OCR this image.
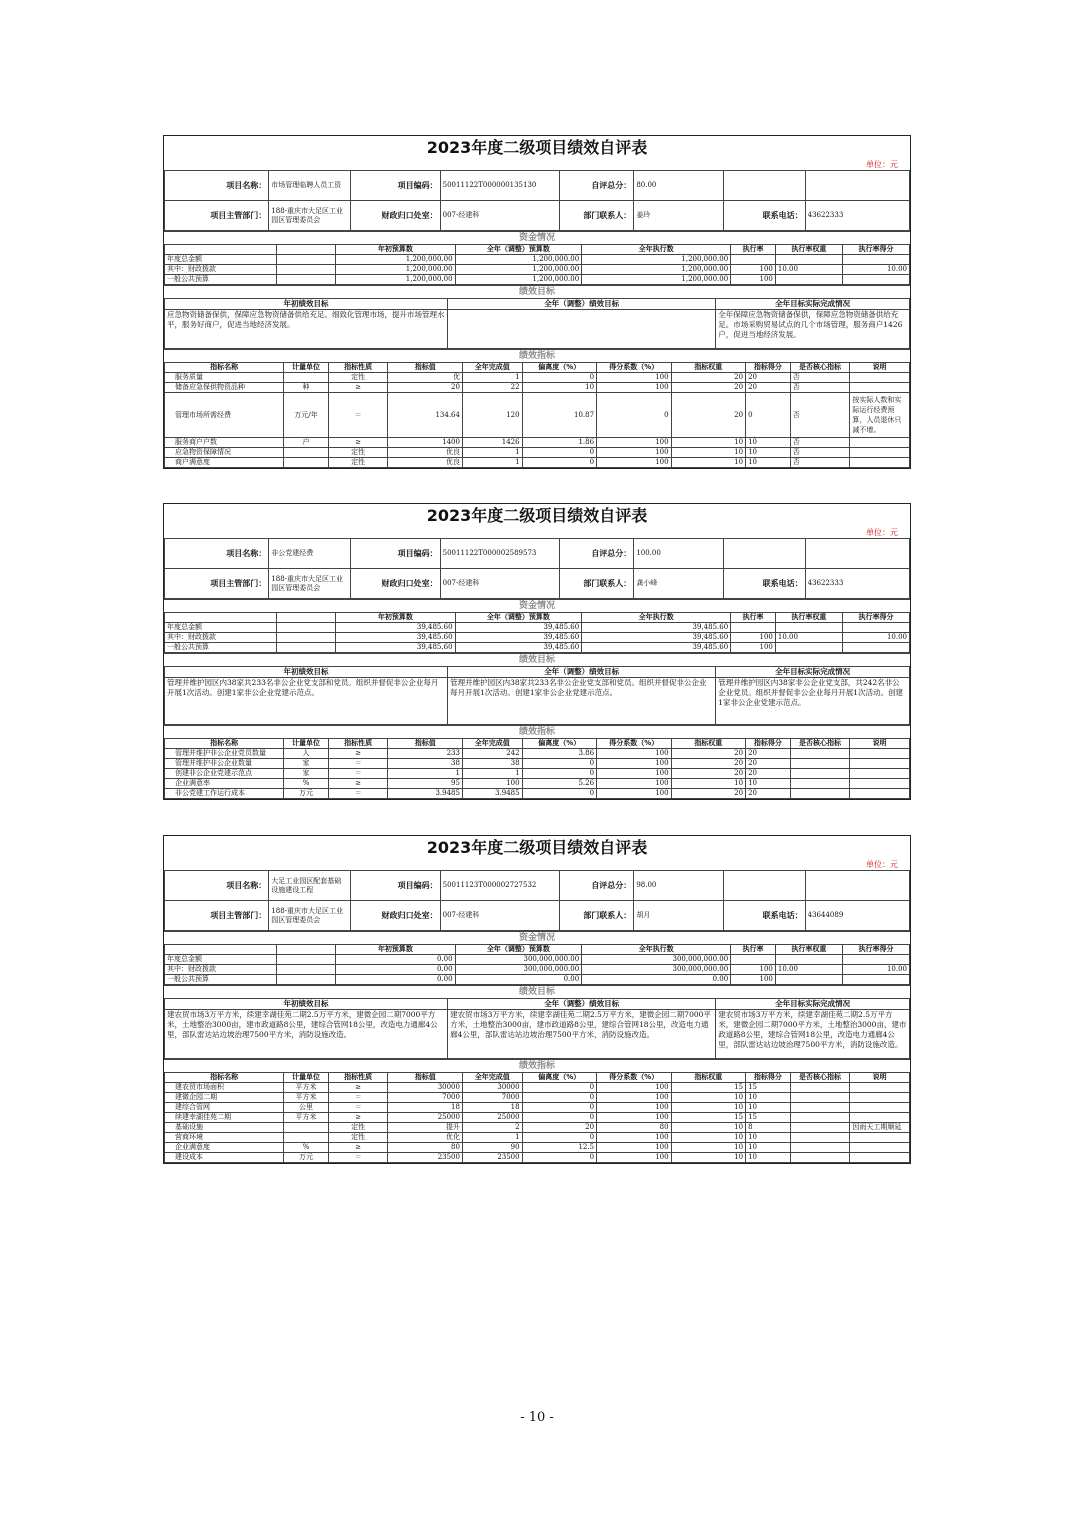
2023年度二级项目绩效自评表
单位：元
项目名称：	市场管理临聘人员工资	项目编码：	50011122T000000135130	自评总分：	80.00		
项目主管部门：	188-重庆市大足区工业园区管理委员会	财政归口处室：	007-经建科	部门联系人：	姜玲	联系电话：	43622333
资金情况
		年初预算数	全年（调整）预算数	全年执行数	执行率	执行率权重	执行率得分
年度总金额		1,200,000.00	1,200,000.00	1,200,000.00			
其中：财政拨款		1,200,000.00	1,200,000.00	1,200,000.00	100	10.00	10.00
一般公共预算		1,200,000.00	1,200,000.00	1,200,000.00	100		
绩效目标
年初绩效目标	全年（调整）绩效目标	全年目标实际完成情况
应急物资储备保供，保障应急物资储备供给充足。细致化管理市场，提升市场管理水平，服务好商户，促进当地经济发展。		全年保障应急物资储备保供，保障应急物资储备供给充足。市场采购贸易试点的几个市场管理，服务商户1426户，促进当地经济发展。
绩效指标
指标名称	计量单位	指标性质	指标值	全年完成值	偏离度（%）	得分系数（%）	指标权重	指标得分	是否核心指标	说明
服务质量		定性	优	1	0	100	20	20	否	
储备应急保供物资品种	种	≥	20	22	10	100	20	20	否	
管理市场所需经费	万元/年	＝	134.64	120	10.87	0	20	0	否	按实际人数和实际运行经费预算，人员退休只减不增。
服务商户户数	户	≥	1400	1426	1.86	100	10	10	否	
应急物资保障情况		定性	优良	1	0	100	10	10	否	
商户满意度		定性	优良	1	0	100	10	10	否	
2023年度二级项目绩效自评表
单位：元
项目名称：	非公党建经费	项目编码：	50011122T000002589573	自评总分：	100.00		
项目主管部门：	188-重庆市大足区工业园区管理委员会	财政归口处室：	007-经建科	部门联系人：	龚小峰	联系电话：	43622333
资金情况
		年初预算数	全年（调整）预算数	全年执行数	执行率	执行率权重	执行率得分
年度总金额		39,485.60	39,485.60	39,485.60			
其中：财政拨款		39,485.60	39,485.60	39,485.60	100	10.00	10.00
一般公共预算		39,485.60	39,485.60	39,485.60	100		
绩效目标
年初绩效目标	全年（调整）绩效目标	全年目标实际完成情况
管理并维护园区内38家共233名非公企业党支部和党员。组织并督促非公企业每月开展1次活动。创建1家非公企业党建示范点。	管理并维护园区内38家共233名非公企业党支部和党员。组织并督促非公企业每月开展1次活动。创建1家非公企业党建示范点。	管理并维护园区内38家非公企业党支部，共242名非公企业党员。组织并督促非公企业每月开展1次活动。创建1家非公企业党建示范点。
绩效指标
指标名称	计量单位	指标性质	指标值	全年完成值	偏离度（%）	得分系数（%）	指标权重	指标得分	是否核心指标	说明
管理并维护非公企业党员数量	人	≥	233	242	3.86	100	20	20		
管理并维护非公企业数量	家	＝	38	38	0	100	20	20		
创建非公企业党建示范点	家	＝	1	1	0	100	20	20		
企业满意率	%	≥	95	100	5.26	100	10	10		
非公党建工作运行成本	万元	＝	3.9485	3.9485	0	100	20	20		
2023年度二级项目绩效自评表
单位：元
项目名称：	大足工业园区配套基础设施建设工程	项目编码：	50011123T000002727532	自评总分：	98.00		
项目主管部门：	188-重庆市大足区工业园区管理委员会	财政归口处室：	007-经建科	部门联系人：	胡月	联系电话：	43644089
资金情况
		年初预算数	全年（调整）预算数	全年执行数	执行率	执行率权重	执行率得分
年度总金额		0.00	300,000,000.00	300,000,000.00			
其中：财政拨款		0.00	300,000,000.00	300,000,000.00	100	10.00	10.00
一般公共预算		0.00	0.00	0.00	100		
绩效目标
年初绩效目标	全年（调整）绩效目标	全年目标实际完成情况
建农贸市场3万平方米，续建幸湖佳苑二期2.5万平方米，建微企园二期7000平方米，土地整治3000亩，建市政道路8公里，建综合管网18公里，改造电力通廊4公里，部队雷达站边坡治理7500平方米，消防设施改造。	建农贸市场3万平方米，续建幸湖佳苑二期2.5万平方米，建微企园二期7000平方米，土地整治3000亩，建市政道路8公里，建综合管网18公里，改造电力通廊4公里，部队雷达站边坡治理7500平方米，消防设施改造。	建农贸市场3万平方米，续建幸湖佳苑二期2.5万平方米，建微企园二期7000平方米，土地整治3000亩，建市政道路8公里，建综合管网18公里，改造电力通廊4公里，部队雷达站边坡治理7500平方米，消防设施改造。
绩效指标
指标名称	计量单位	指标性质	指标值	全年完成值	偏离度（%）	得分系数（%）	指标权重	指标得分	是否核心指标	说明
建农贸市场面积	平方米	≥	30000	30000	0	100	15	15		
建微企园二期	平方米	＝	7000	7000	0	100	10	10		
建综合管网	公里	＝	18	18	0	100	10	10		
续建幸湖佳苑二期	平方米	≥	25000	25000	0	100	15	15		
基础设施		定性	提升	2	20	80	10	8		因雨天工期顺延
营商环境		定性	优化	1	0	100	10	10		
企业满意度	%	≥	80	90	12.5	100	10	10		
建设成本	万元	＝	23500	23500	0	100	10	10		
- 10 -
